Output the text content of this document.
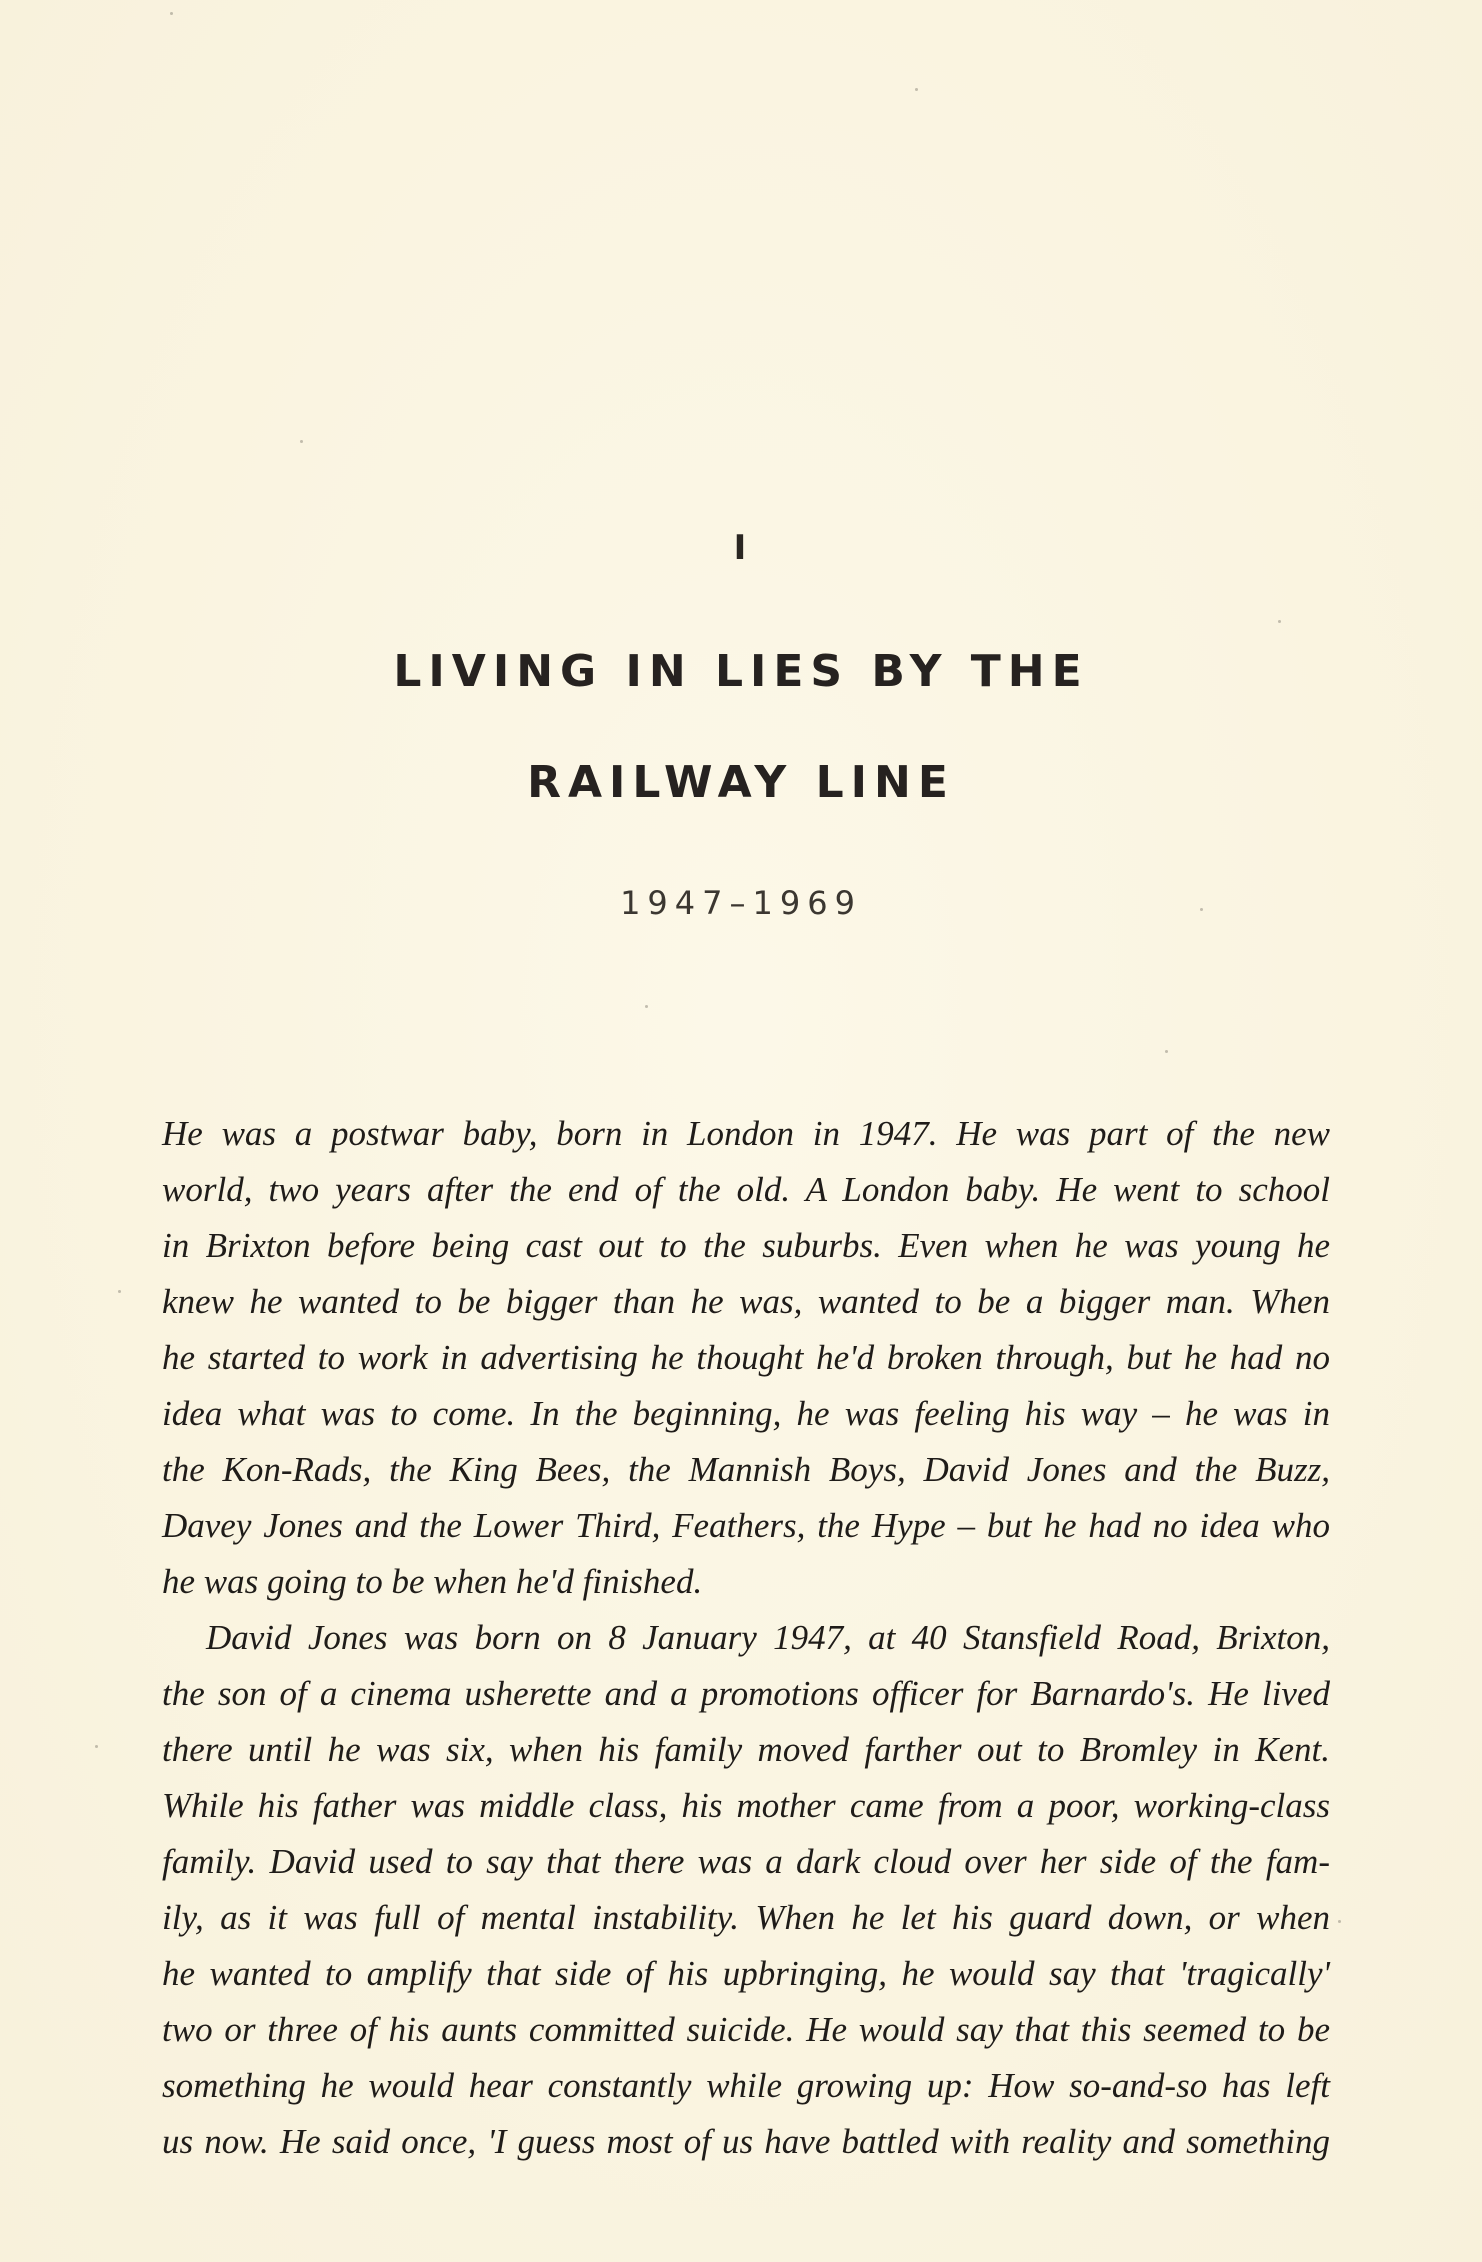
I
LIVING IN LIES BY THE
RAILWAY LINE
1947–1969
He was a postwar baby, born in London in 1947. He was part of the new
world, two years after the end of the old. A London baby. He went to school
in Brixton before being cast out to the suburbs. Even when he was young he
knew he wanted to be bigger than he was, wanted to be a bigger man. When
he started to work in advertising he thought he'd broken through, but he had no
idea what was to come. In the beginning, he was feeling his way – he was in
the Kon-Rads, the King Bees, the Mannish Boys, David Jones and the Buzz,
Davey Jones and the Lower Third, Feathers, the Hype – but he had no idea who
he was going to be when he'd finished.
David Jones was born on 8 January 1947, at 40 Stansfield Road, Brixton,
the son of a cinema usherette and a promotions officer for Barnardo's. He lived
there until he was six, when his family moved farther out to Bromley in Kent.
While his father was middle class, his mother came from a poor, working-class
family. David used to say that there was a dark cloud over her side of the fam-
ily, as it was full of mental instability. When he let his guard down, or when
he wanted to amplify that side of his upbringing, he would say that 'tragically'
two or three of his aunts committed suicide. He would say that this seemed to be
something he would hear constantly while growing up: How so-and-so has left
us now. He said once, 'I guess most of us have battled with reality and something
